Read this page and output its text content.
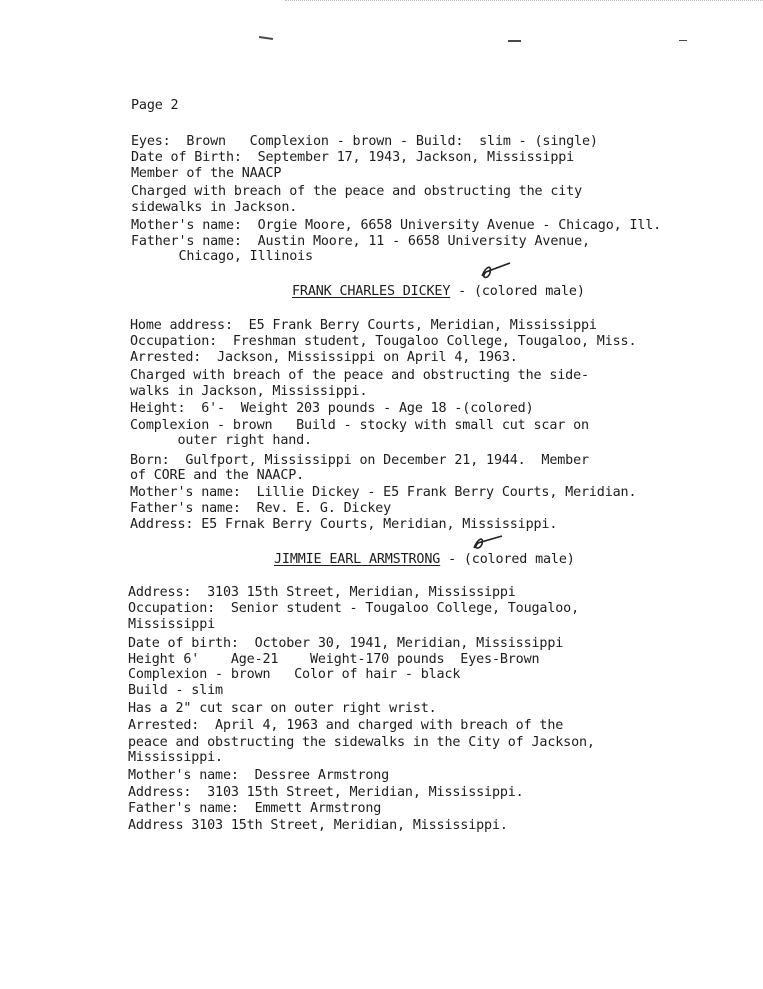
Page 2
Eyes:  Brown   Complexion - brown - Build:  slim - (single)
Date of Birth:  September 17, 1943, Jackson, Mississippi
Member of the NAACP
Charged with breach of the peace and obstructing the city
sidewalks in Jackson.
Mother's name:  Orgie Moore, 6658 University Avenue - Chicago, Ill.
Father's name:  Austin Moore, 11 - 6658 University Avenue,
Chicago, Illinois
FRANK CHARLES DICKEY - (colored male)
Home address:  E5 Frank Berry Courts, Meridian, Mississippi
Occupation:  Freshman student, Tougaloo College, Tougaloo, Miss.
Arrested:  Jackson, Mississippi on April 4, 1963.
Charged with breach of the peace and obstructing the side-
walks in Jackson, Mississippi.
Height:  6'-  Weight 203 pounds - Age 18 -(colored)
Complexion - brown   Build - stocky with small cut scar on
outer right hand.
Born:  Gulfport, Mississippi on December 21, 1944.  Member
of CORE and the NAACP.
Mother's name:  Lillie Dickey - E5 Frank Berry Courts, Meridian.
Father's name:  Rev. E. G. Dickey
Address: E5 Frnak Berry Courts, Meridian, Mississippi.
JIMMIE EARL ARMSTRONG - (colored male)
Address:  3103 15th Street, Meridian, Mississippi
Occupation:  Senior student - Tougaloo College, Tougaloo,
Mississippi
Date of birth:  October 30, 1941, Meridian, Mississippi
Height 6'    Age-21    Weight-170 pounds  Eyes-Brown
Complexion - brown   Color of hair - black
Build - slim
Has a 2" cut scar on outer right wrist.
Arrested:  April 4, 1963 and charged with breach of the
peace and obstructing the sidewalks in the City of Jackson,
Mississippi.
Mother's name:  Dessree Armstrong
Address:  3103 15th Street, Meridian, Mississippi.
Father's name:  Emmett Armstrong
Address 3103 15th Street, Meridian, Mississippi.
